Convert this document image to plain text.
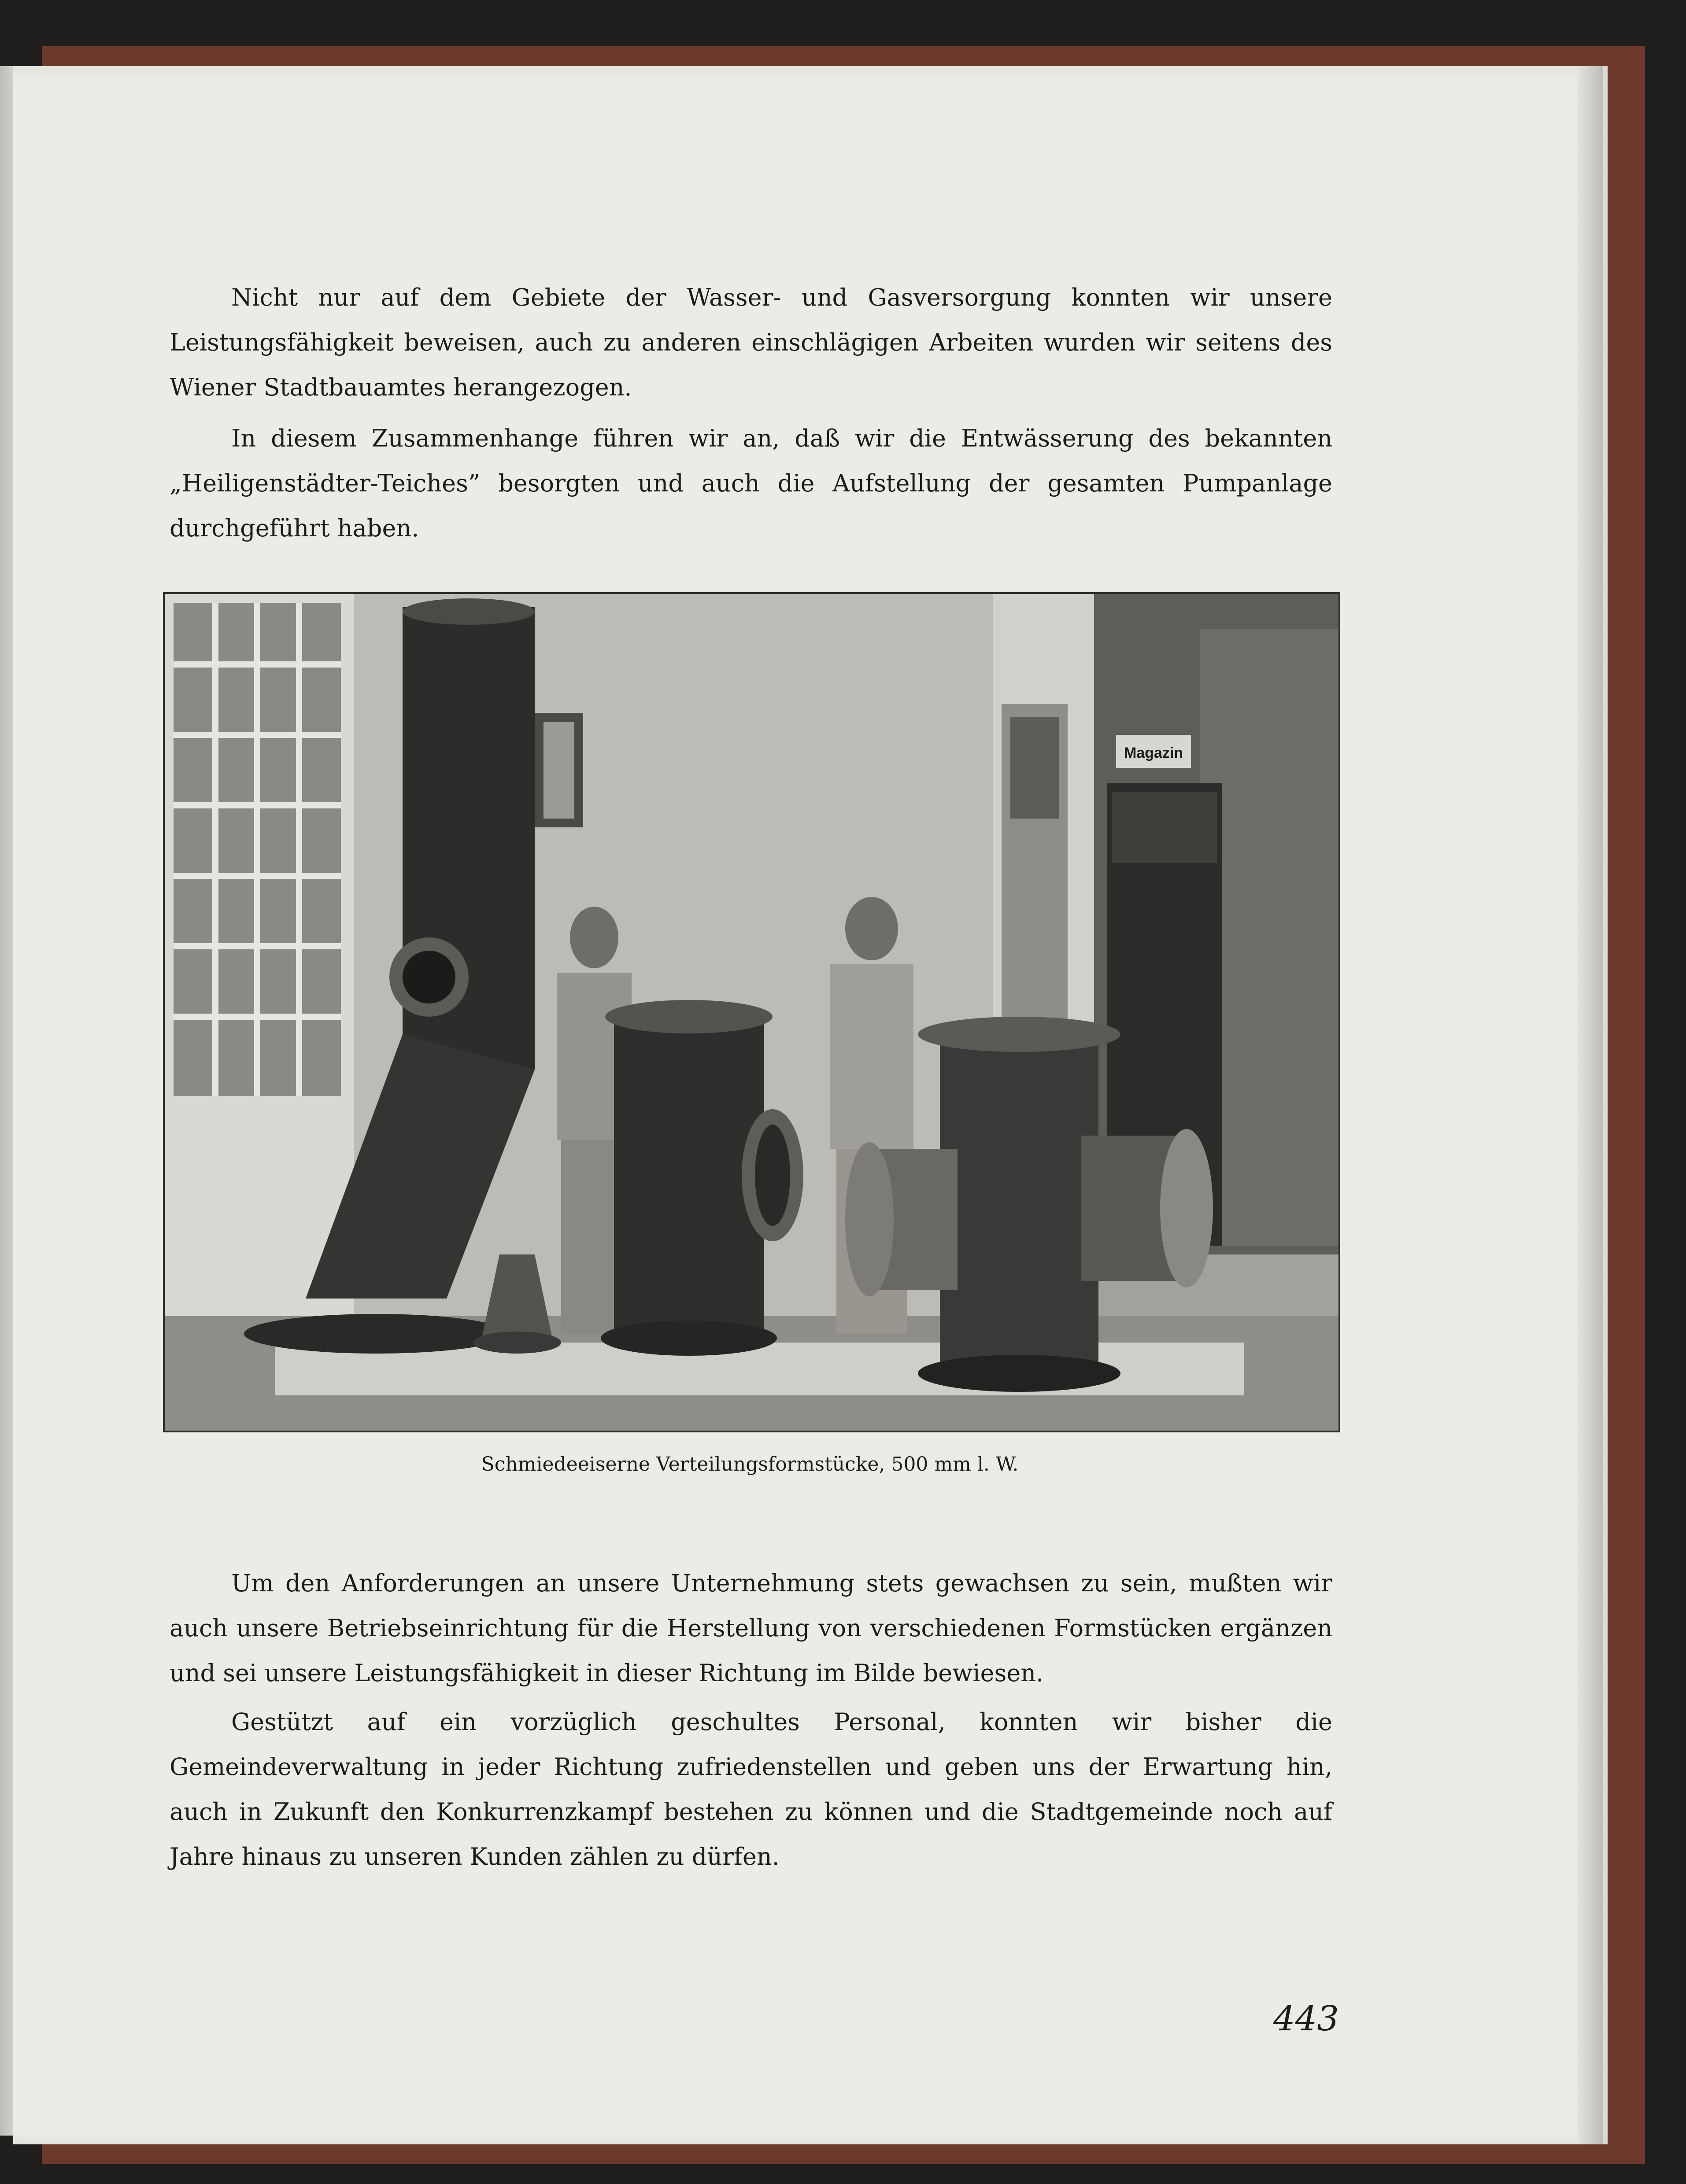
Nicht nur auf dem Gebiete der Wasser- und Gasversorgung konnten wir unsere Leistungsfähigkeit beweisen, auch zu anderen einschlägigen Arbeiten wurden wir seitens des Wiener Stadtbauamtes herangezogen.

In diesem Zusammenhange führen wir an, daß wir die Entwässerung des bekannten „Heiligenstädter-Teiches” besorgten und auch die Aufstellung der gesamten Pumpanlage durchgeführt haben.

Magazin

Schmiedeeiserne Verteilungsformstücke, 500 mm l. W.

Um den Anforderungen an unsere Unternehmung stets gewachsen zu sein, mußten wir auch unsere Betriebseinrichtung für die Herstellung von verschiedenen Formstücken ergänzen und sei unsere Leistungsfähigkeit in dieser Richtung im Bilde bewiesen.

Gestützt auf ein vorzüglich geschultes Personal, konnten wir bisher die Gemeindeverwaltung in jeder Richtung zufriedenstellen und geben uns der Erwartung hin, auch in Zukunft den Konkurrenzkampf bestehen zu können und die Stadtgemeinde noch auf Jahre hinaus zu unseren Kunden zählen zu dürfen.

443
